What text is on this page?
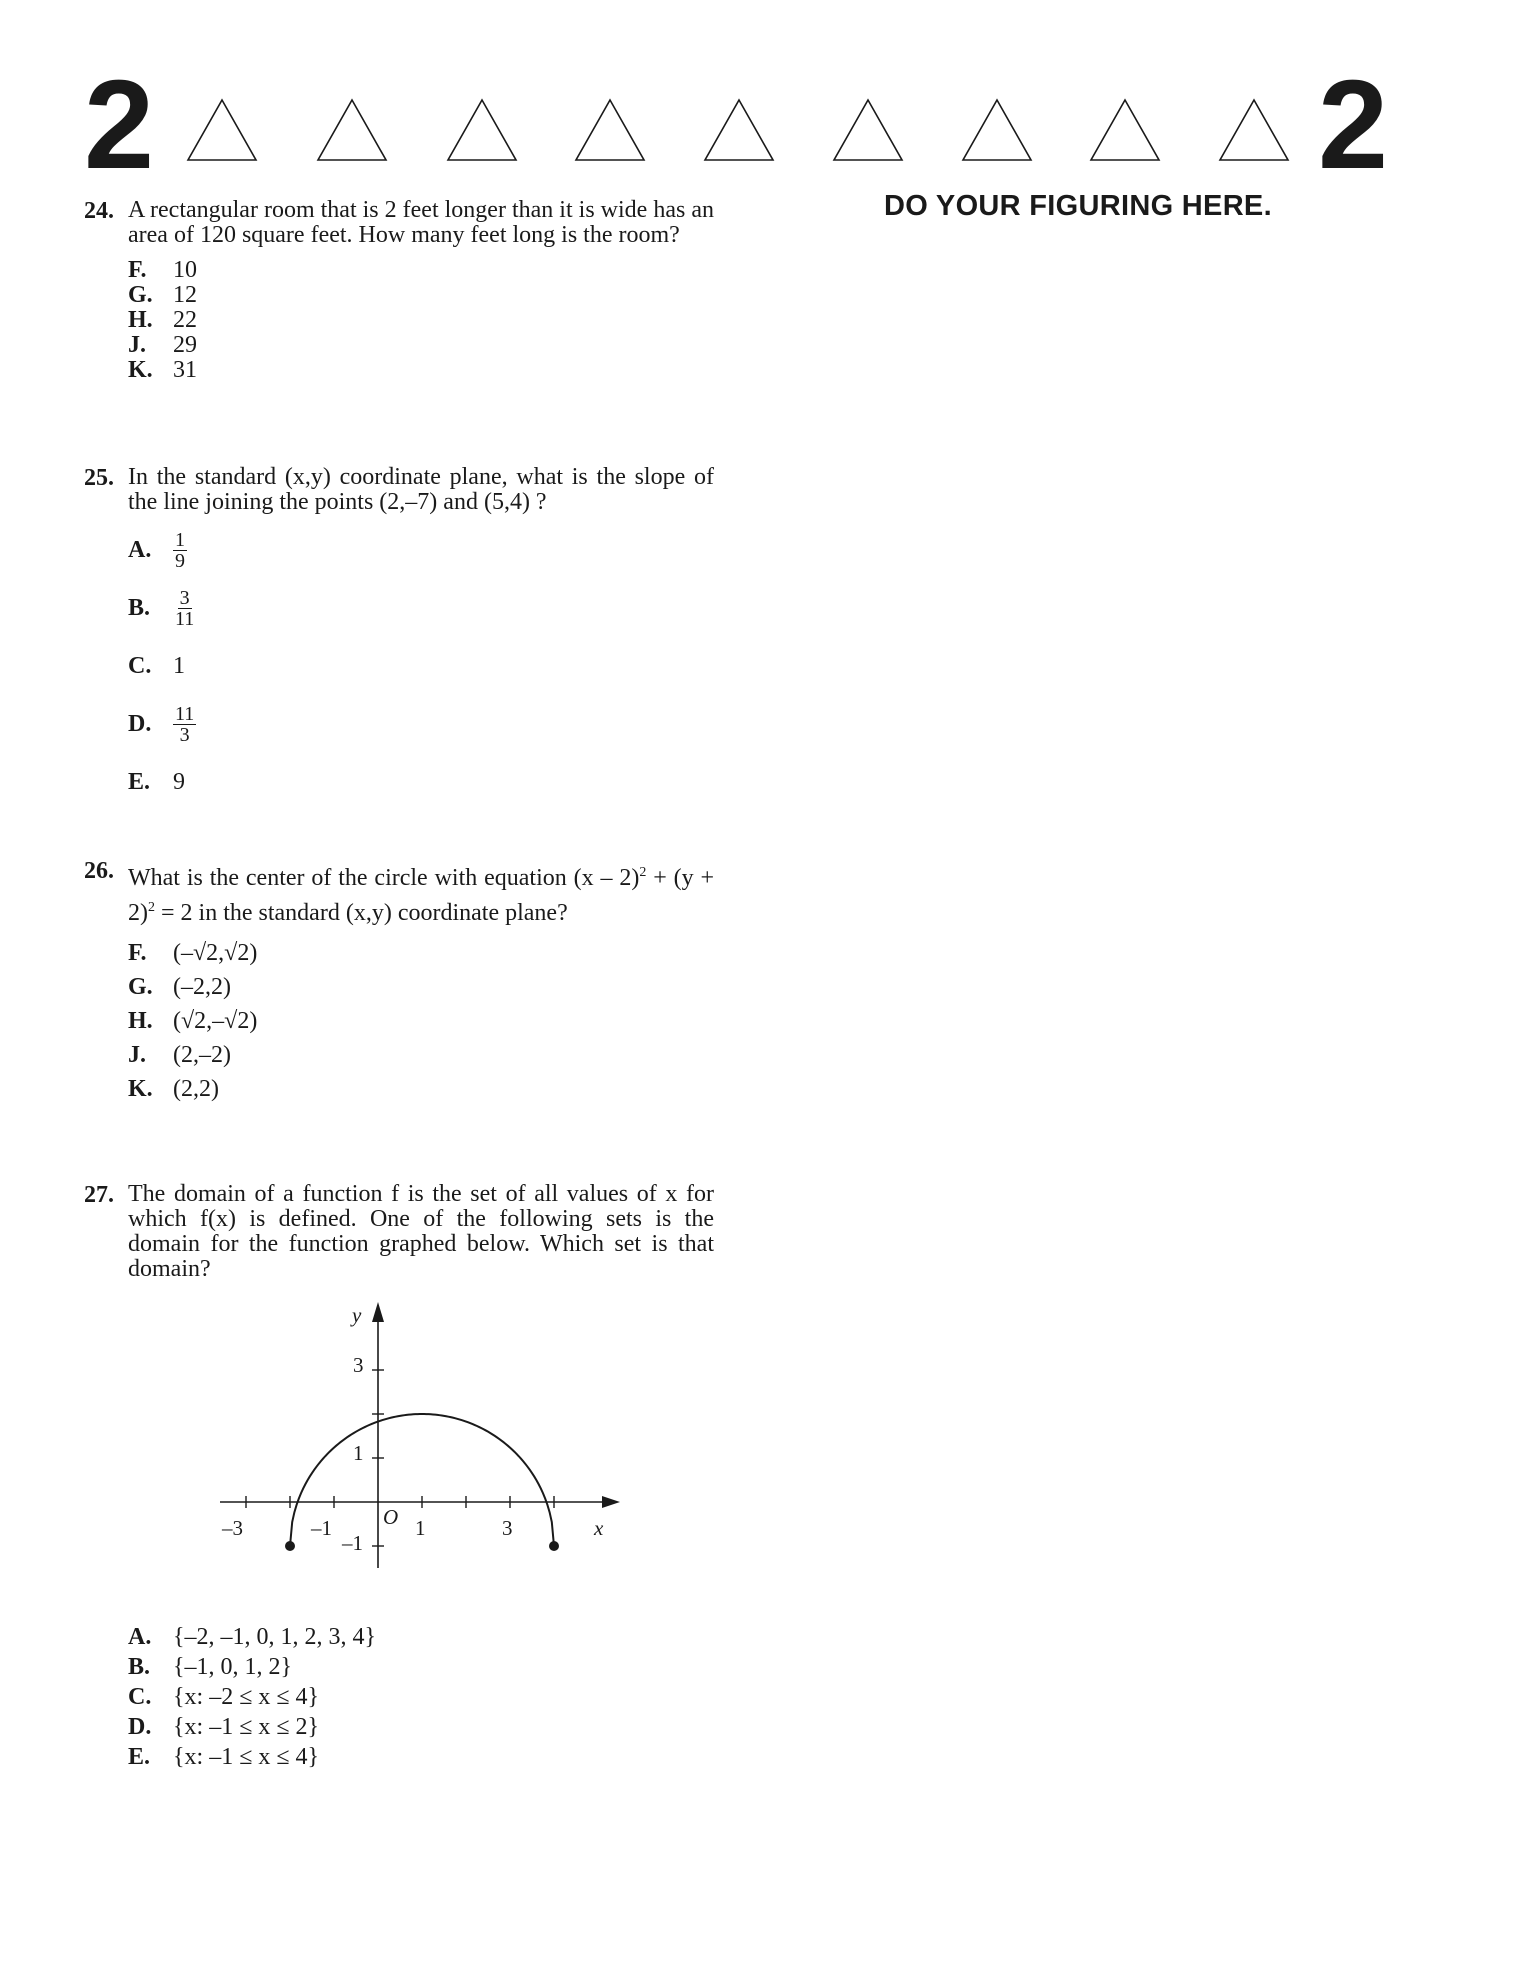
2	2
DO YOUR FIGURING HERE.
24. A rectangular room that is 2 feet longer than it is wide has an area of 120 square feet. How many feet long is the room?
F.	10
G. 12
H. 22
J.	29
K. 31
25. In the standard (x,y) coordinate plane, what is the slope of the line joining the points (2,–7) and (5,4) ?
A.	$\frac{1}{9}$
B.	$\frac{3}{11}$
C. 1
D.	$\frac{11}{3}$
E. 9
26. What is the center of the circle with equation $(x - 2)^2 + (y + 2)^2 = 2$ in the standard (x,y) coordinate plane?
F.	(–√2,√2)
G. (–2,2)
H. (√2,–√2)
J.	(2,–2)
K. (2,2)
27. The domain of a function f is the set of all values of x for which f(x) is defined. One of the following sets is the domain for the function graphed below. Which set is that domain?
y
x
O
–3	–1	1	3
3
1
–1
A. {–2, –1, 0, 1, 2, 3, 4}
B. {–1, 0, 1, 2}
C. {x: –2 ≤ x ≤ 4}
D. {x: –1 ≤ x ≤ 2}
E. {x: –1 ≤ x ≤ 4}
